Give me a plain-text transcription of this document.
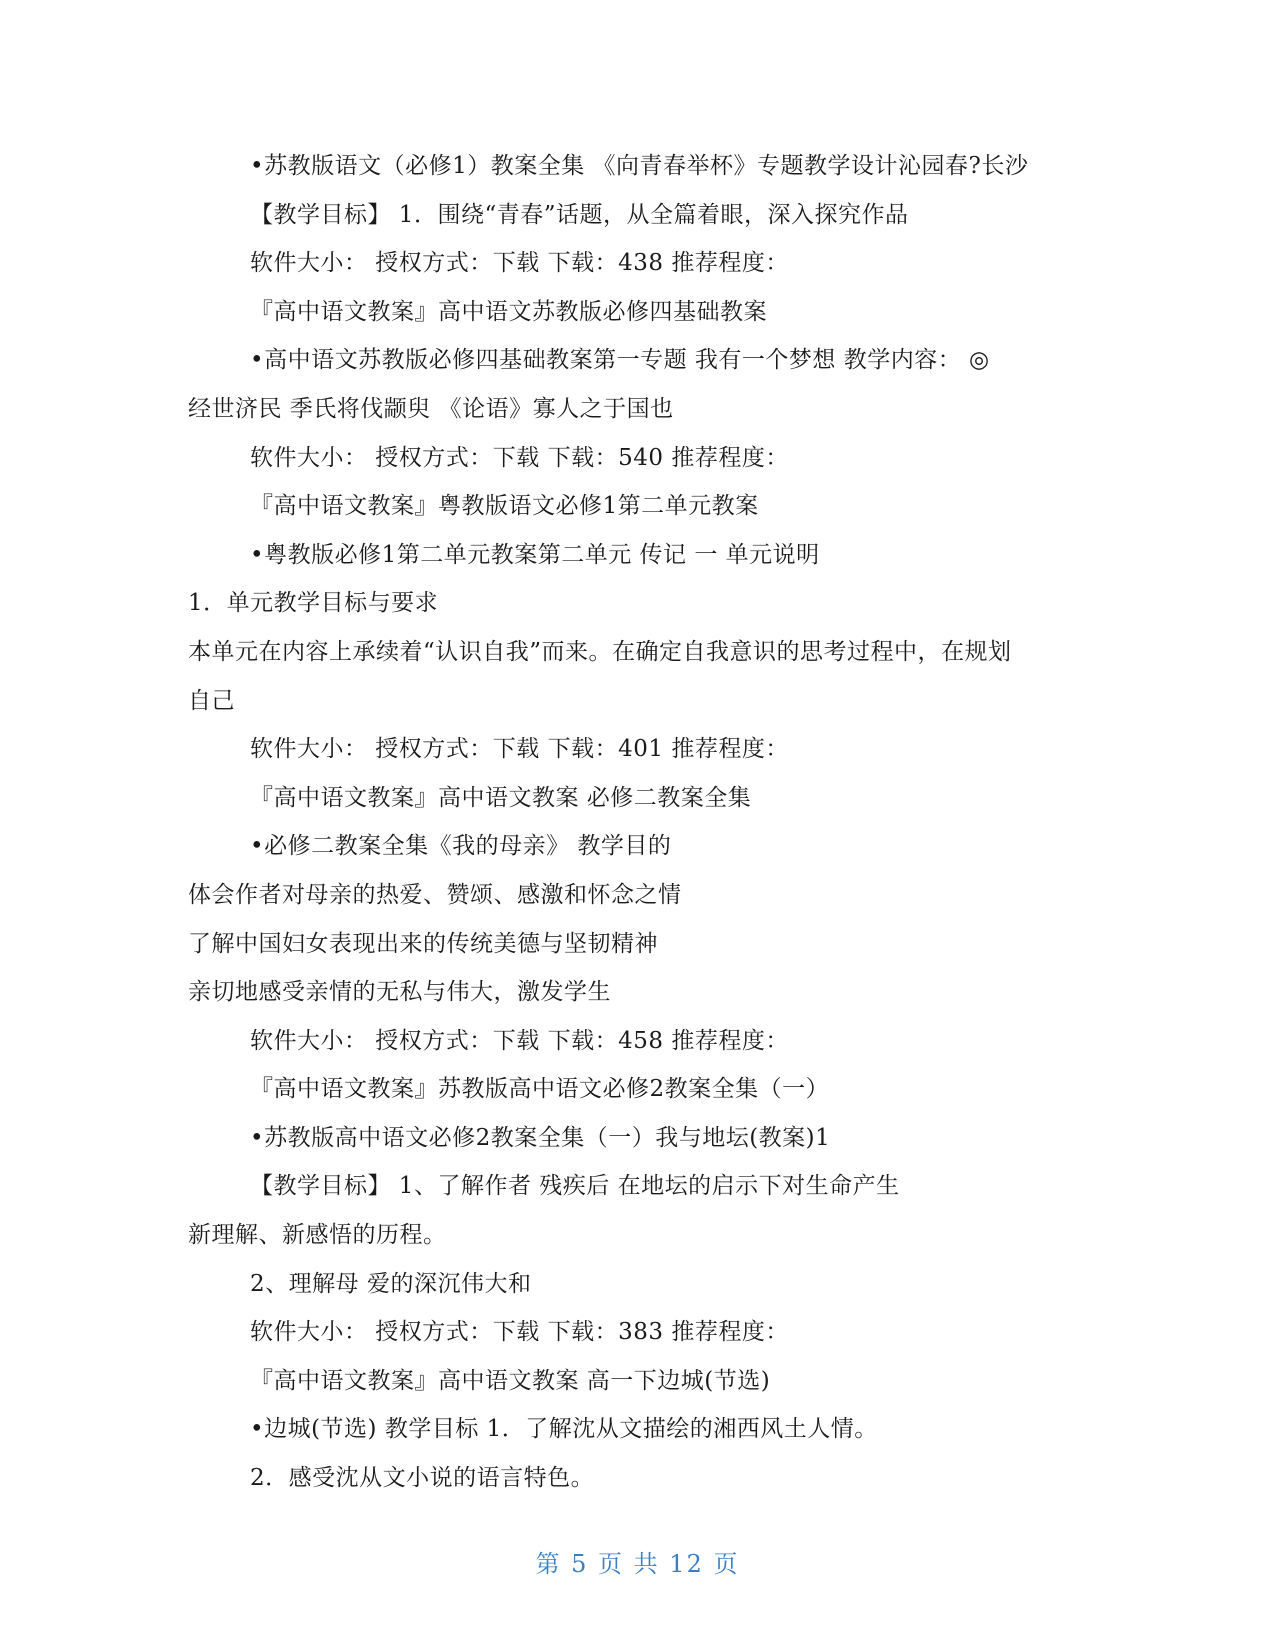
•苏教版语文（必修1）教案全集 《向青春举杯》专题教学设计沁园春?长沙
【教学目标】 1．围绕“青春”话题，从全篇着眼，深入探究作品
软件大小： 授权方式：下载 下载：438 推荐程度：
『高中语文教案』高中语文苏教版必修四基础教案
•高中语文苏教版必修四基础教案第一专题 我有一个梦想 教学内容： ◎
经世济民 季氏将伐颛臾 《论语》寡人之于国也
软件大小： 授权方式：下载 下载：540 推荐程度：
『高中语文教案』粤教版语文必修1第二单元教案
•粤教版必修1第二单元教案第二单元 传记 一 单元说明
1．单元教学目标与要求
本单元在内容上承续着“认识自我”而来。在确定自我意识的思考过程中，在规划
自己
软件大小： 授权方式：下载 下载：401 推荐程度：
『高中语文教案』高中语文教案 必修二教案全集
•必修二教案全集《我的母亲》 教学目的
体会作者对母亲的热爱、赞颂、感激和怀念之情
了解中国妇女表现出来的传统美德与坚韧精神
亲切地感受亲情的无私与伟大，激发学生
软件大小： 授权方式：下载 下载：458 推荐程度：
『高中语文教案』苏教版高中语文必修2教案全集（一）
•苏教版高中语文必修2教案全集（一）我与地坛(教案)1
【教学目标】 1、了解作者 残疾后 在地坛的启示下对生命产生
新理解、新感悟的历程。
2、理解母 爱的深沉伟大和
软件大小： 授权方式：下载 下载：383 推荐程度：
『高中语文教案』高中语文教案 高一下边城(节选)
•边城(节选) 教学目标 1．了解沈从文描绘的湘西风土人情。
2．感受沈从文小说的语言特色。
第 5 页 共 12 页
